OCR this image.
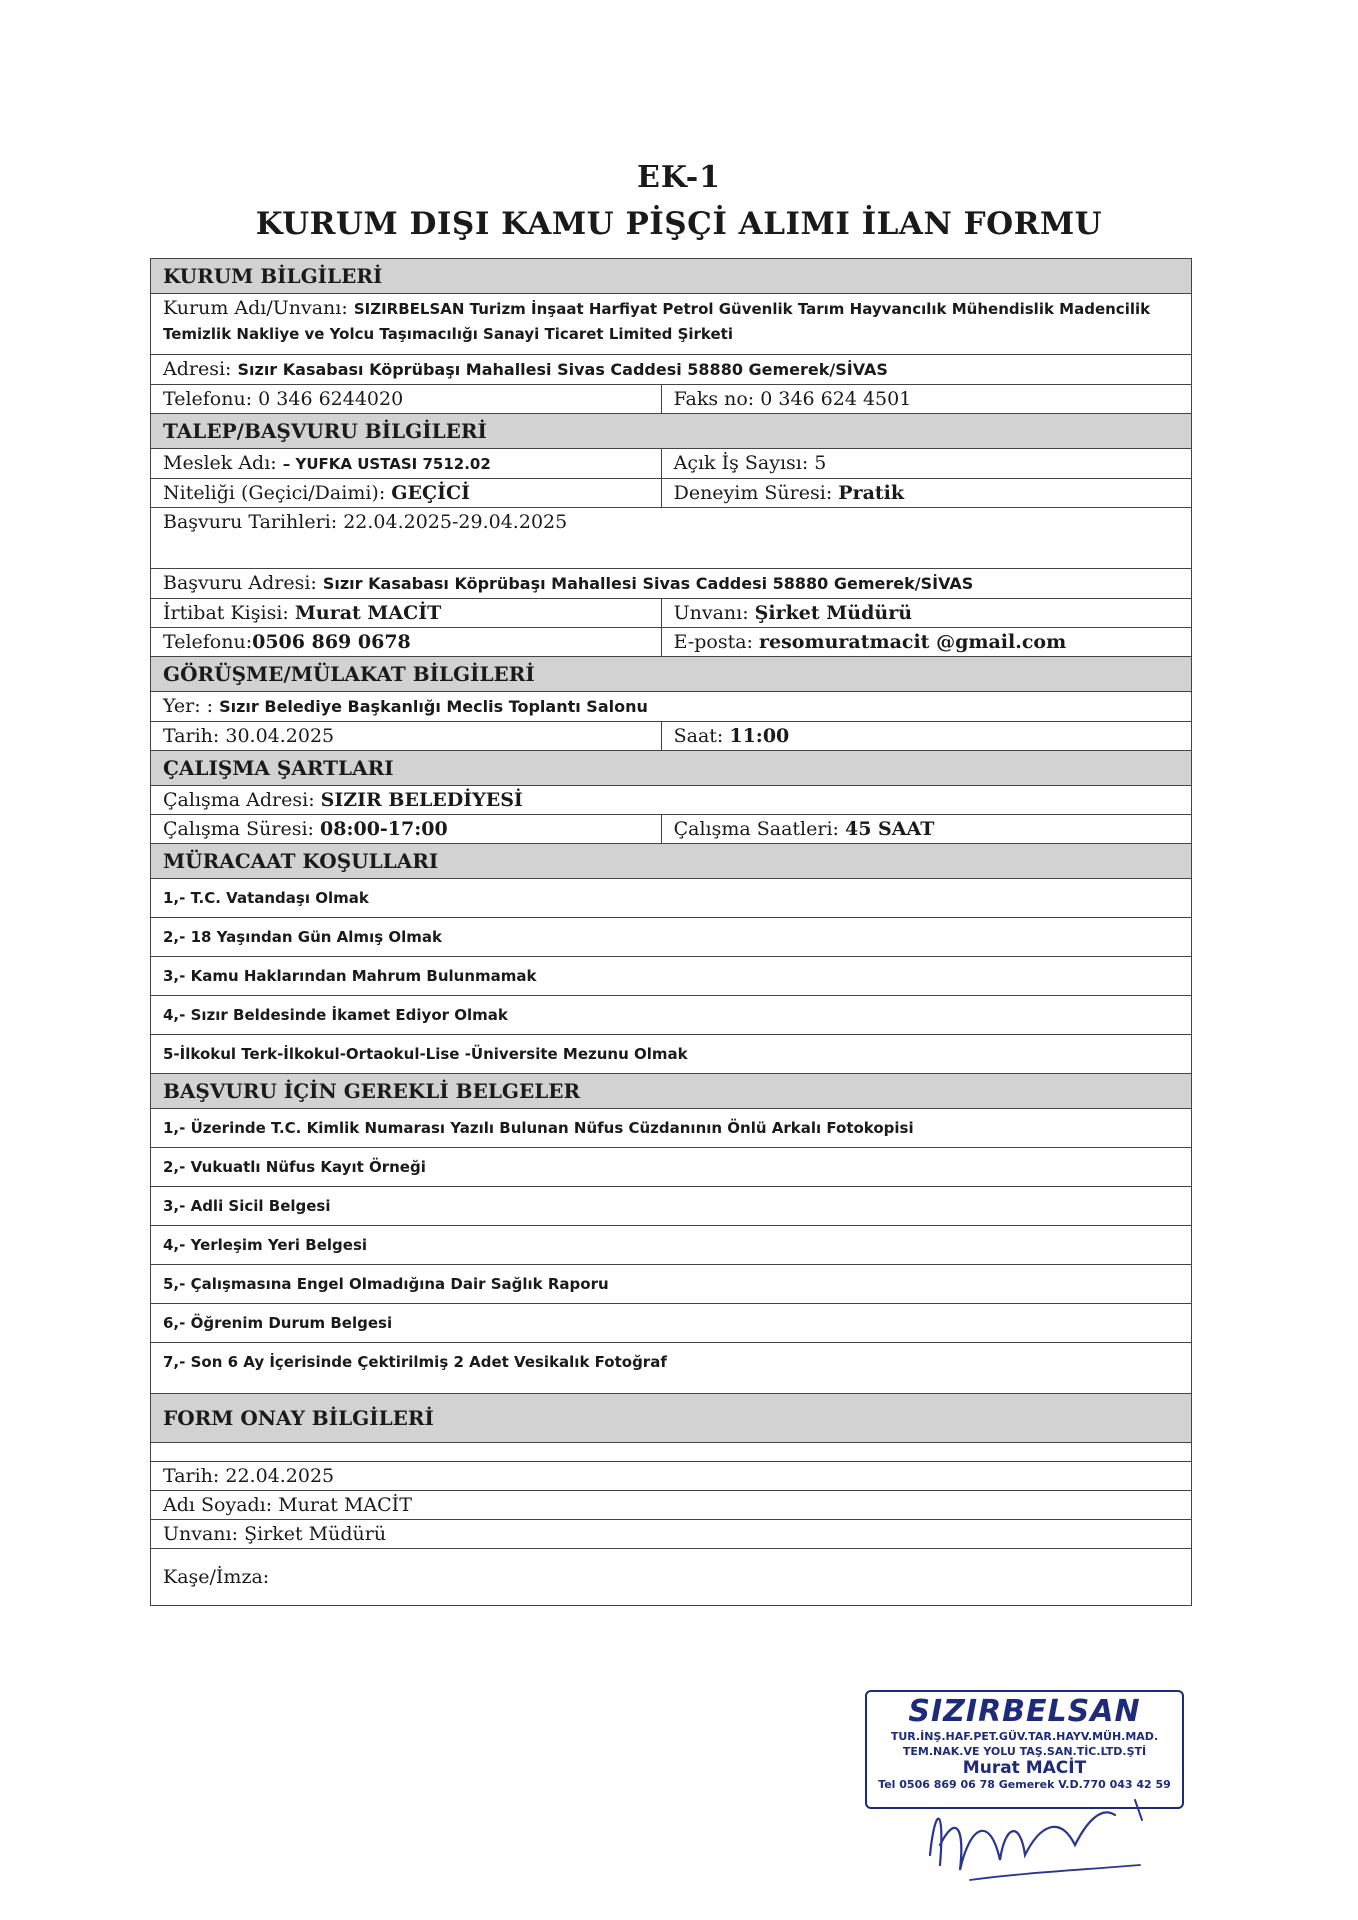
EK-1
KURUM DIŞI KAMU PİŞÇİ ALIMI İLAN FORMU
KURUM BİLGİLERİ
Kurum Adı/Unvanı: SIZIRBELSAN Turizm İnşaat Harfiyat Petrol Güvenlik Tarım Hayvancılık Mühendislik Madencilik Temizlik Nakliye ve Yolcu Taşımacılığı Sanayi Ticaret Limited Şirketi
Adresi: Sızır Kasabası Köprübaşı Mahallesi Sivas Caddesi 58880 Gemerek/SİVAS
Telefonu: 0 346 6244020	Faks no: 0 346 624 4501
TALEP/BAŞVURU BİLGİLERİ
Meslek Adı: – YUFKA USTASI 7512.02	Açık İş Sayısı: 5
Niteliği (Geçici/Daimi): GEÇİCİ	Deneyim Süresi: Pratik
Başvuru Tarihleri: 22.04.2025-29.04.2025
Başvuru Adresi: Sızır Kasabası Köprübaşı Mahallesi Sivas Caddesi 58880 Gemerek/SİVAS
İrtibat Kişisi: Murat MACİT	Unvanı: Şirket Müdürü
Telefonu:0506 869 0678	E-posta: resomuratmacit @gmail.com
GÖRÜŞME/MÜLAKAT BİLGİLERİ
Yer: : Sızır Belediye Başkanlığı Meclis Toplantı Salonu
Tarih: 30.04.2025	Saat: 11:00
ÇALIŞMA ŞARTLARI
Çalışma Adresi: SIZIR BELEDİYESİ
Çalışma Süresi: 08:00-17:00	Çalışma Saatleri: 45 SAAT
MÜRACAAT KOŞULLARI
1,- T.C. Vatandaşı Olmak
2,- 18 Yaşından Gün Almış Olmak
3,- Kamu Haklarından Mahrum Bulunmamak
4,- Sızır Beldesinde İkamet Ediyor Olmak
5-İlkokul Terk-İlkokul-Ortaokul-Lise -Üniversite Mezunu Olmak
BAŞVURU İÇİN GEREKLİ BELGELER
1,- Üzerinde T.C. Kimlik Numarası Yazılı Bulunan Nüfus Cüzdanının Önlü Arkalı Fotokopisi
2,- Vukuatlı Nüfus Kayıt Örneği
3,- Adli Sicil Belgesi
4,- Yerleşim Yeri Belgesi
5,- Çalışmasına Engel Olmadığına Dair Sağlık Raporu
6,- Öğrenim Durum Belgesi
7,- Son 6 Ay İçerisinde Çektirilmiş 2 Adet Vesikalık Fotoğraf
FORM ONAY BİLGİLERİ
Tarih: 22.04.2025
Adı Soyadı: Murat MACİT
Unvanı: Şirket Müdürü
Kaşe/İmza:
SIZIRBELSAN
TUR.İNŞ.HAF.PET.GÜV.TAR.HAYV.MÜH.MAD.
TEM.NAK.VE YOLU TAŞ.SAN.TİC.LTD.ŞTİ
Murat MACİT
Tel 0506 869 06 78 Gemerek V.D.770 043 42 59
